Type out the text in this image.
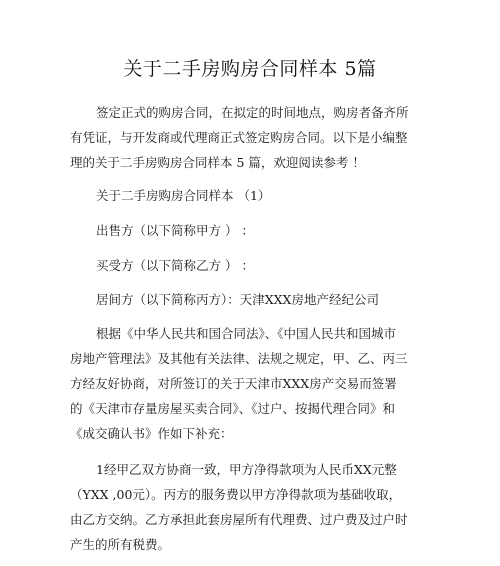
关于二手房购房合同样本 5篇
签定正式的购房合同，在拟定的时间地点，购房者备齐所
有凭证，与开发商或代理商正式签定购房合同。以下是小编整
理的关于二手房购房合同样本 5 篇，欢迎阅读参考 ！
关于二手房购房合同样本 （1）
出售方（以下简称甲方 ） ：
买受方（以下简称乙方 ） ：
居间方（以下简称丙方）：天津XXX房地产经纪公司
根据《中华人民共和国合同法》、《中国人民共和国城市
房地产管理法》及其他有关法律、法规之规定，甲、乙、丙三
方经友好协商，对所签订的关于天津市XXX房产交易而签署
的《天津市存量房屋买卖合同》、《过户、按揭代理合同》和
《成交确认书》作如下补充：
1经甲乙双方协商一致，甲方净得款项为人民币XX元整
（YXX ,00元）。丙方的服务费以甲方净得款项为基础收取，
由乙方交纳。乙方承担此套房屋所有代理费、过户费及过户时
产生的所有税费。
